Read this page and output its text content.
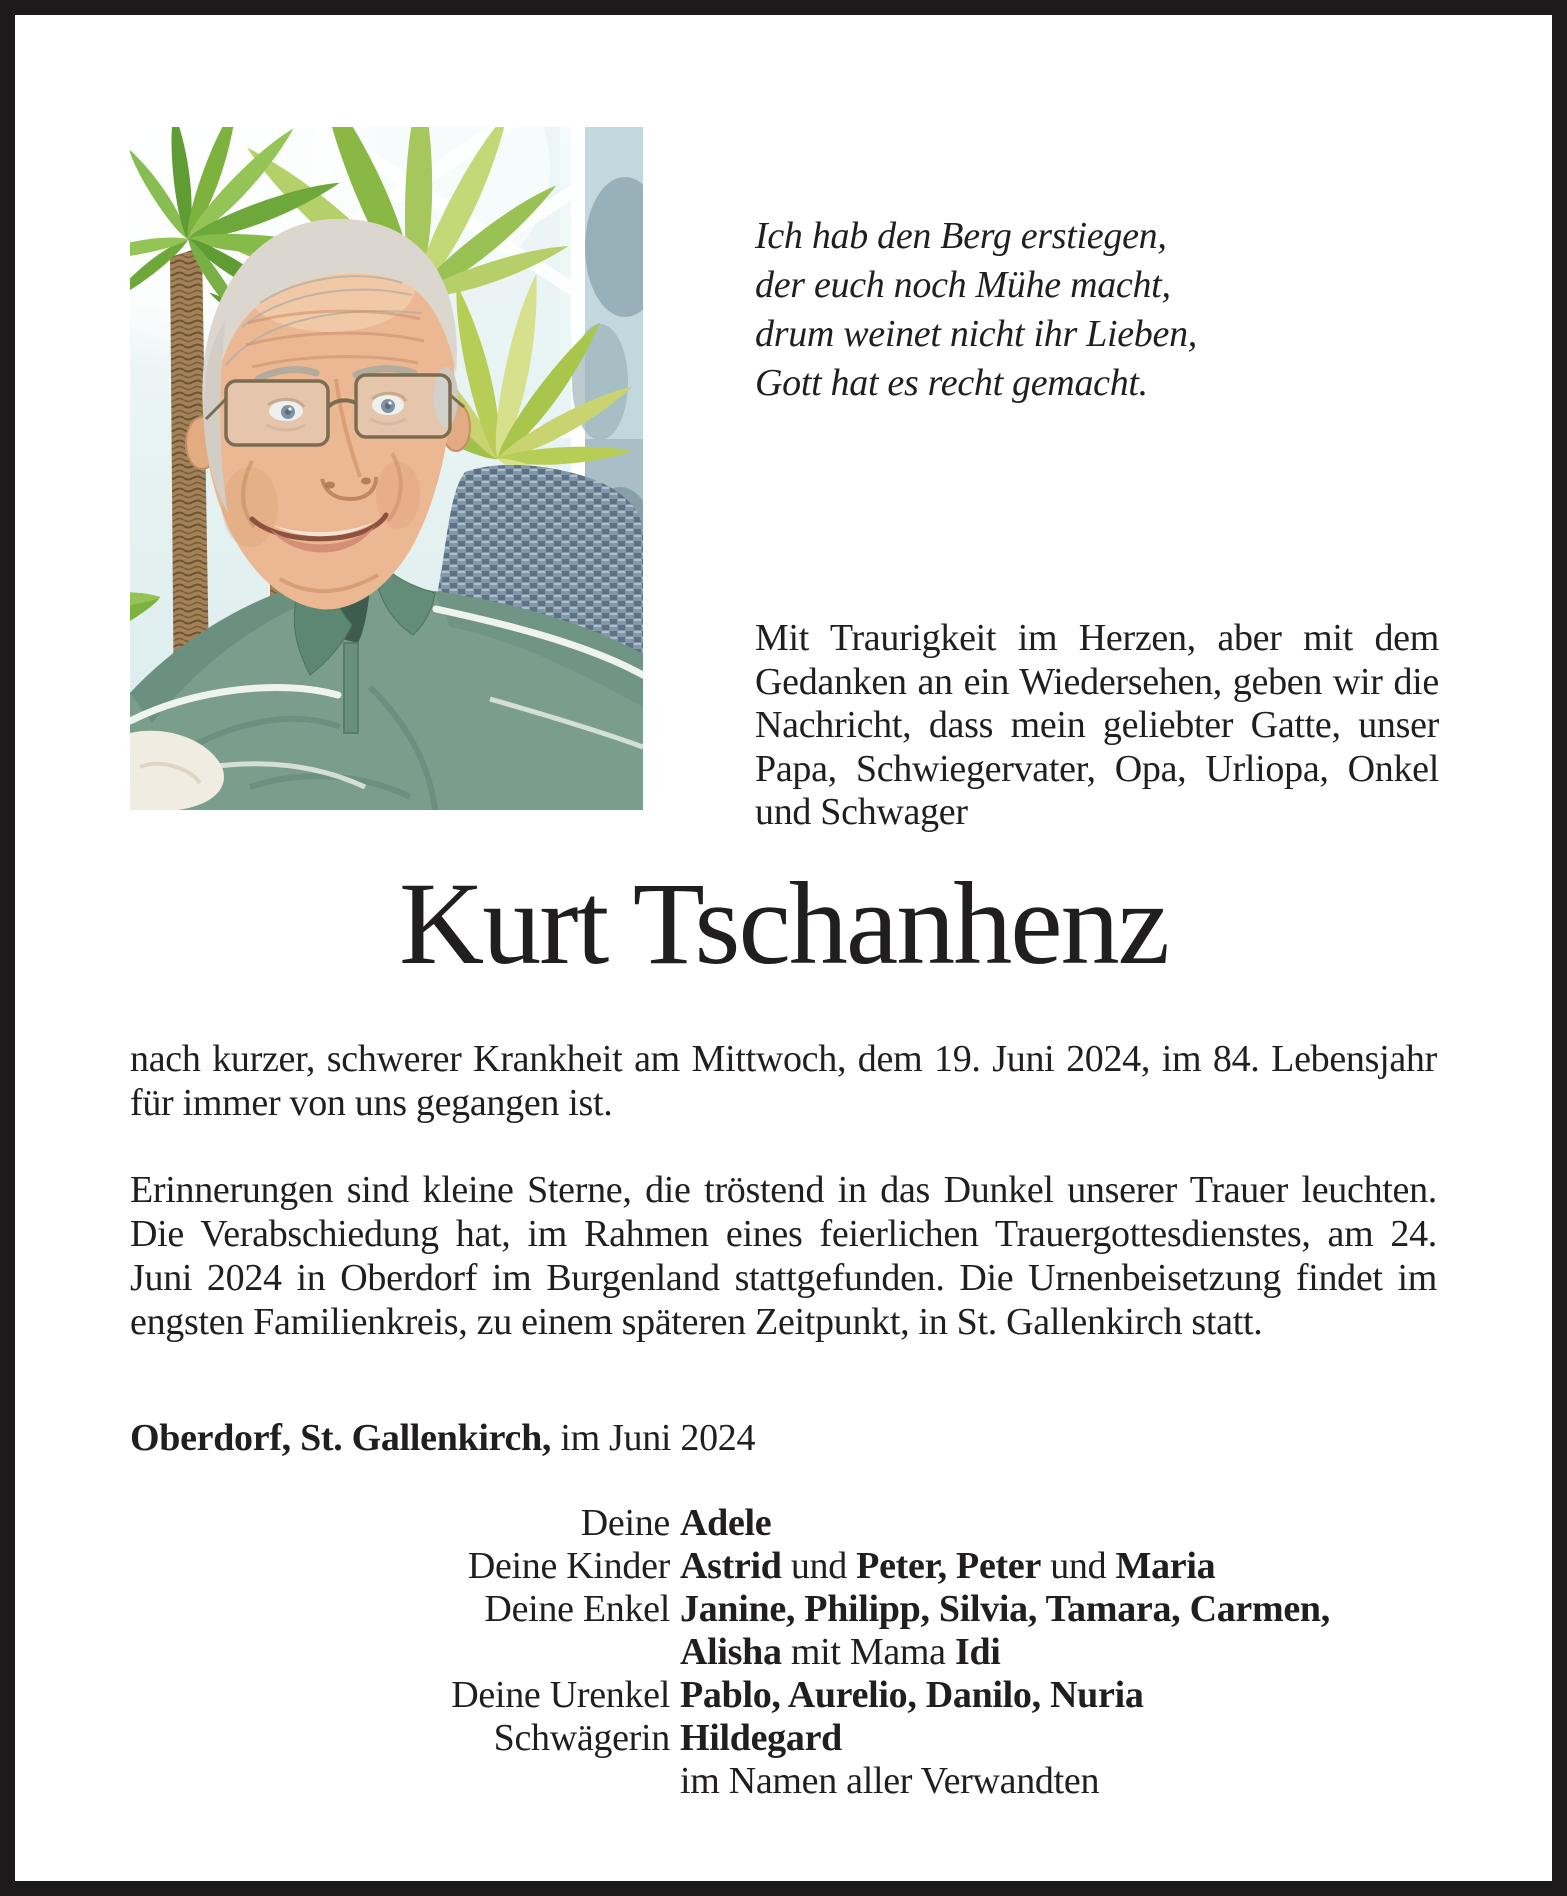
Ich hab den Berg erstiegen,
der euch noch Mühe macht,
drum weinet nicht ihr Lieben,
Gott hat es recht gemacht.
Mit Traurigkeit im Herzen, aber mit dem Gedanken an ein Wiedersehen, geben wir die Nachricht, dass mein geliebter Gatte, unser Papa, Schwiegervater, Opa, Urliopa, Onkel und Schwager
Kurt Tschanhenz
nach kurzer, schwerer Krankheit am Mittwoch, dem 19. Juni 2024, im 84. Lebensjahr für immer von uns gegangen ist.
Erinnerungen sind kleine Sterne, die tröstend in das Dunkel unserer Trauer leuchten. Die Verabschiedung hat, im Rahmen eines feierlichen Trauergottesdienstes, am 24. Juni 2024 in Oberdorf im Burgenland stattgefunden. Die Urnenbeisetzung findet im engsten Familienkreis, zu einem späteren Zeitpunkt, in St. Gallenkirch statt.
Oberdorf, St. Gallenkirch, im Juni 2024
Deine Adele
Deine Kinder Astrid und Peter, Peter und Maria
Deine Enkel Janine, Philipp, Silvia, Tamara, Carmen,
Alisha mit Mama Idi
Deine Urenkel Pablo, Aurelio, Danilo, Nuria
Schwägerin Hildegard
im Namen aller Verwandten
